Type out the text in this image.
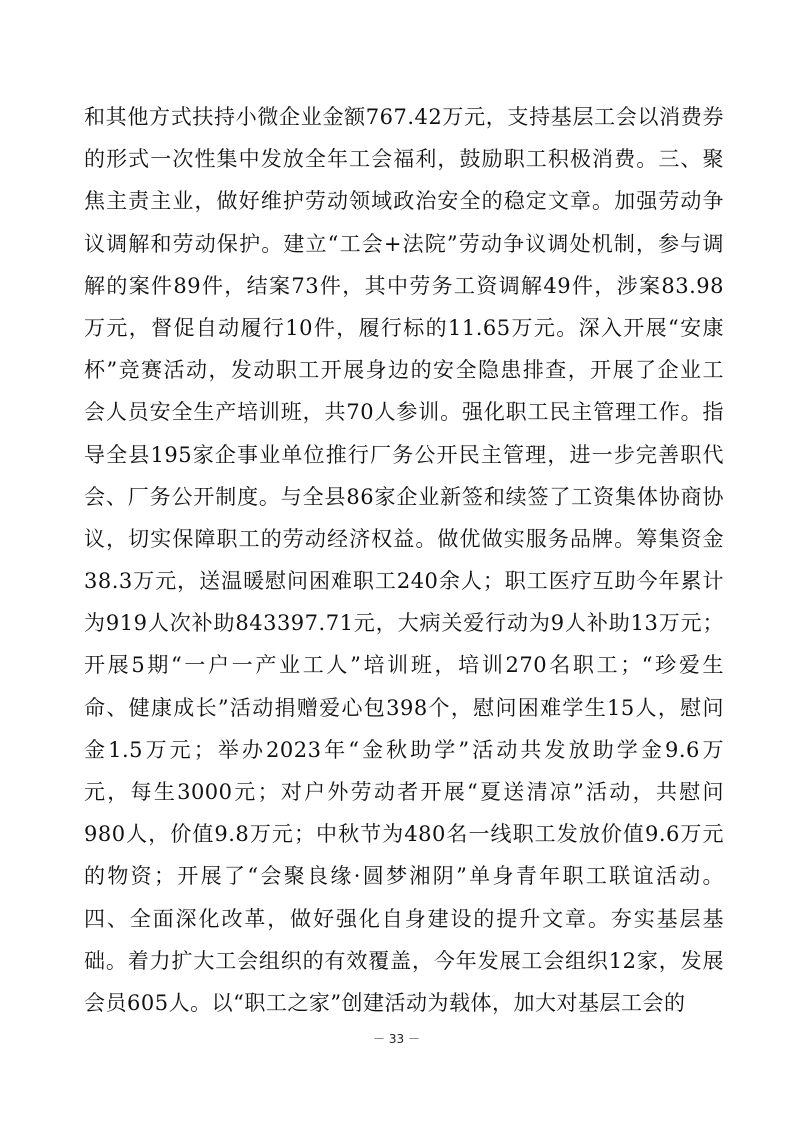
和其他方式扶持小微企业金额767.42万元，支持基层工会以消费券
的形式一次性集中发放全年工会福利，鼓励职工积极消费。三、聚
焦主责主业，做好维护劳动领域政治安全的稳定文章。加强劳动争
议调解和劳动保护。建立“工会+法院”劳动争议调处机制，参与调
解的案件89件，结案73件，其中劳务工资调解49件，涉案83.98
万元，督促自动履行10件，履行标的11.65万元。深入开展“安康
杯”竞赛活动，发动职工开展身边的安全隐患排查，开展了企业工
会人员安全生产培训班，共70人参训。强化职工民主管理工作。指
导全县195家企事业单位推行厂务公开民主管理，进一步完善职代
会、厂务公开制度。与全县86家企业新签和续签了工资集体协商协
议，切实保障职工的劳动经济权益。做优做实服务品牌。筹集资金
38.3万元，送温暖慰问困难职工240余人；职工医疗互助今年累计
为919人次补助843397.71元，大病关爱行动为9人补助13万元；
开展5期“一户一产业工人”培训班，培训270名职工；“珍爱生
命、健康成长”活动捐赠爱心包398个，慰问困难学生15人，慰问
金1.5万元；举办2023年“金秋助学”活动共发放助学金9.6万
元，每生3000元；对户外劳动者开展“夏送清凉”活动，共慰问
980人，价值9.8万元；中秋节为480名一线职工发放价值9.6万元
的物资；开展了“会聚良缘·圆梦湘阴”单身青年职工联谊活动。
四、全面深化改革，做好强化自身建设的提升文章。夯实基层基
础。着力扩大工会组织的有效覆盖，今年发展工会组织12家，发展
会员605人。以“职工之家”创建活动为载体，加大对基层工会的
－ 33 －
